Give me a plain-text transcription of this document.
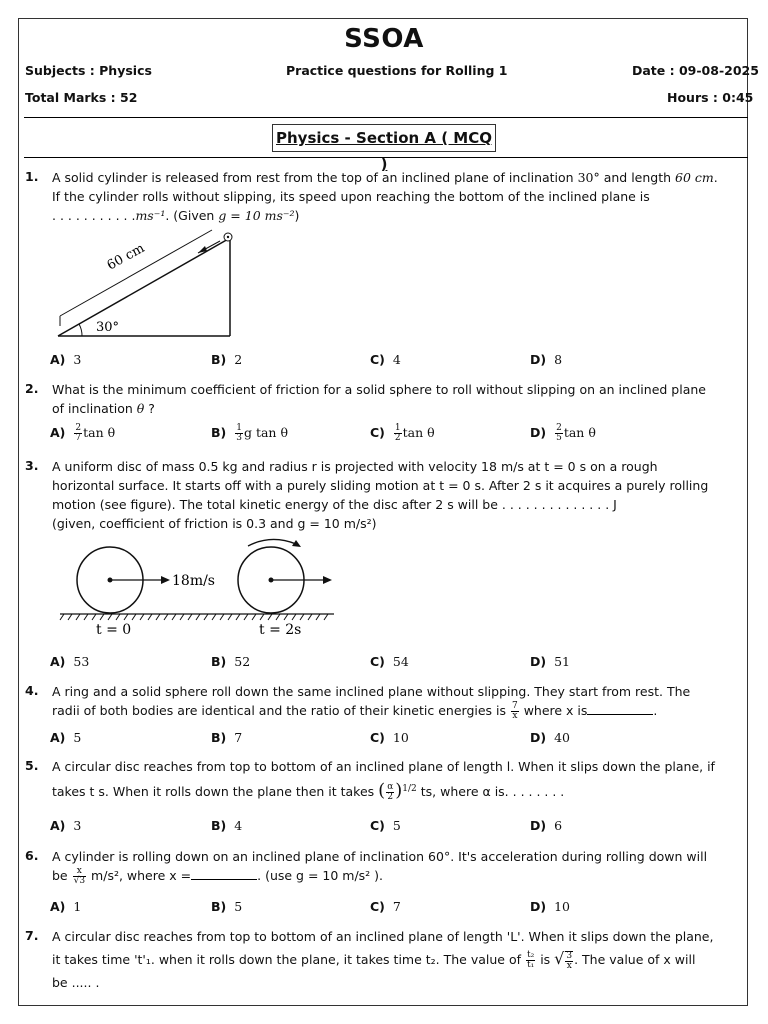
SSOA
Subjects : Physics	Practice questions for Rolling 1	Date : 09-08-2025
Total Marks : 52	Hours : 0:45
Physics - Section A ( MCQ )
1. A solid cylinder is released from rest from the top of an inclined plane of inclination 30° and length 60 cm.
If the cylinder rolls without slipping, its speed upon reaching the bottom of the inclined plane is
. . . . . . . . . . .ms⁻¹. (Given g = 10 ms⁻²)
60 cm
30°
A) 3	B) 2	C) 4	D) 8
2. What is the minimum coefficient of friction for a solid sphere to roll without slipping on an inclined plane
of inclination θ ?
$A) \frac{2}{7}$ tan θ	$B) \frac{1}{3}$ g tan θ	$C) \frac{1}{2}$ tan θ	$D) \frac{2}{5}$ tan θ
3. A uniform disc of mass 0.5 kg and radius r is projected with velocity 18 m/s at t = 0 s on a rough
horizontal surface. It starts off with a purely sliding motion at t = 0 s. After 2 s it acquires a purely rolling
motion (see figure). The total kinetic energy of the disc after 2 s will be . . . . . . . . . . . . . . J
(given, coefficient of friction is 0.3 and g = 10 m/s²)
18m/s
t = 0	t = 2s
A) 53	B) 52	C) 54	D) 51
4. A ring and a solid sphere roll down the same inclined plane without slipping. They start from rest. The
radii of both bodies are identical and the ratio of their kinetic energies is $\frac{7}{x}$ where x is	.
A) 5	B) 7	C) 10	D) 40
5. A circular disc reaches from top to bottom of an inclined plane of length l. When it slips down the plane, if
takes t s. When it rolls down the plane then it takes ( $\frac{\alpha}{2} )^{1/2}$ ts, where α is. . . . . . . .
A) 3	B) 4	C) 5	D) 6
6. A cylinder is rolling down on an inclined plane of inclination 60°. It's acceleration during rolling down will
be $\frac{x}{√3} m/s^2$, where x =	. (use g = 10 m/s² ).
A) 1	B) 5	C) 7	D) 10
7. A circular disc reaches from top to bottom of an inclined plane of length 'L'. When it slips down the plane,
it takes time 't'₁. when it rolls down the plane, it takes time t₂. The value of $\frac{\text{t₂}}{\text{t₁}}$ is √ $\frac{3}{x}$ . The value of x will
be ..... .
